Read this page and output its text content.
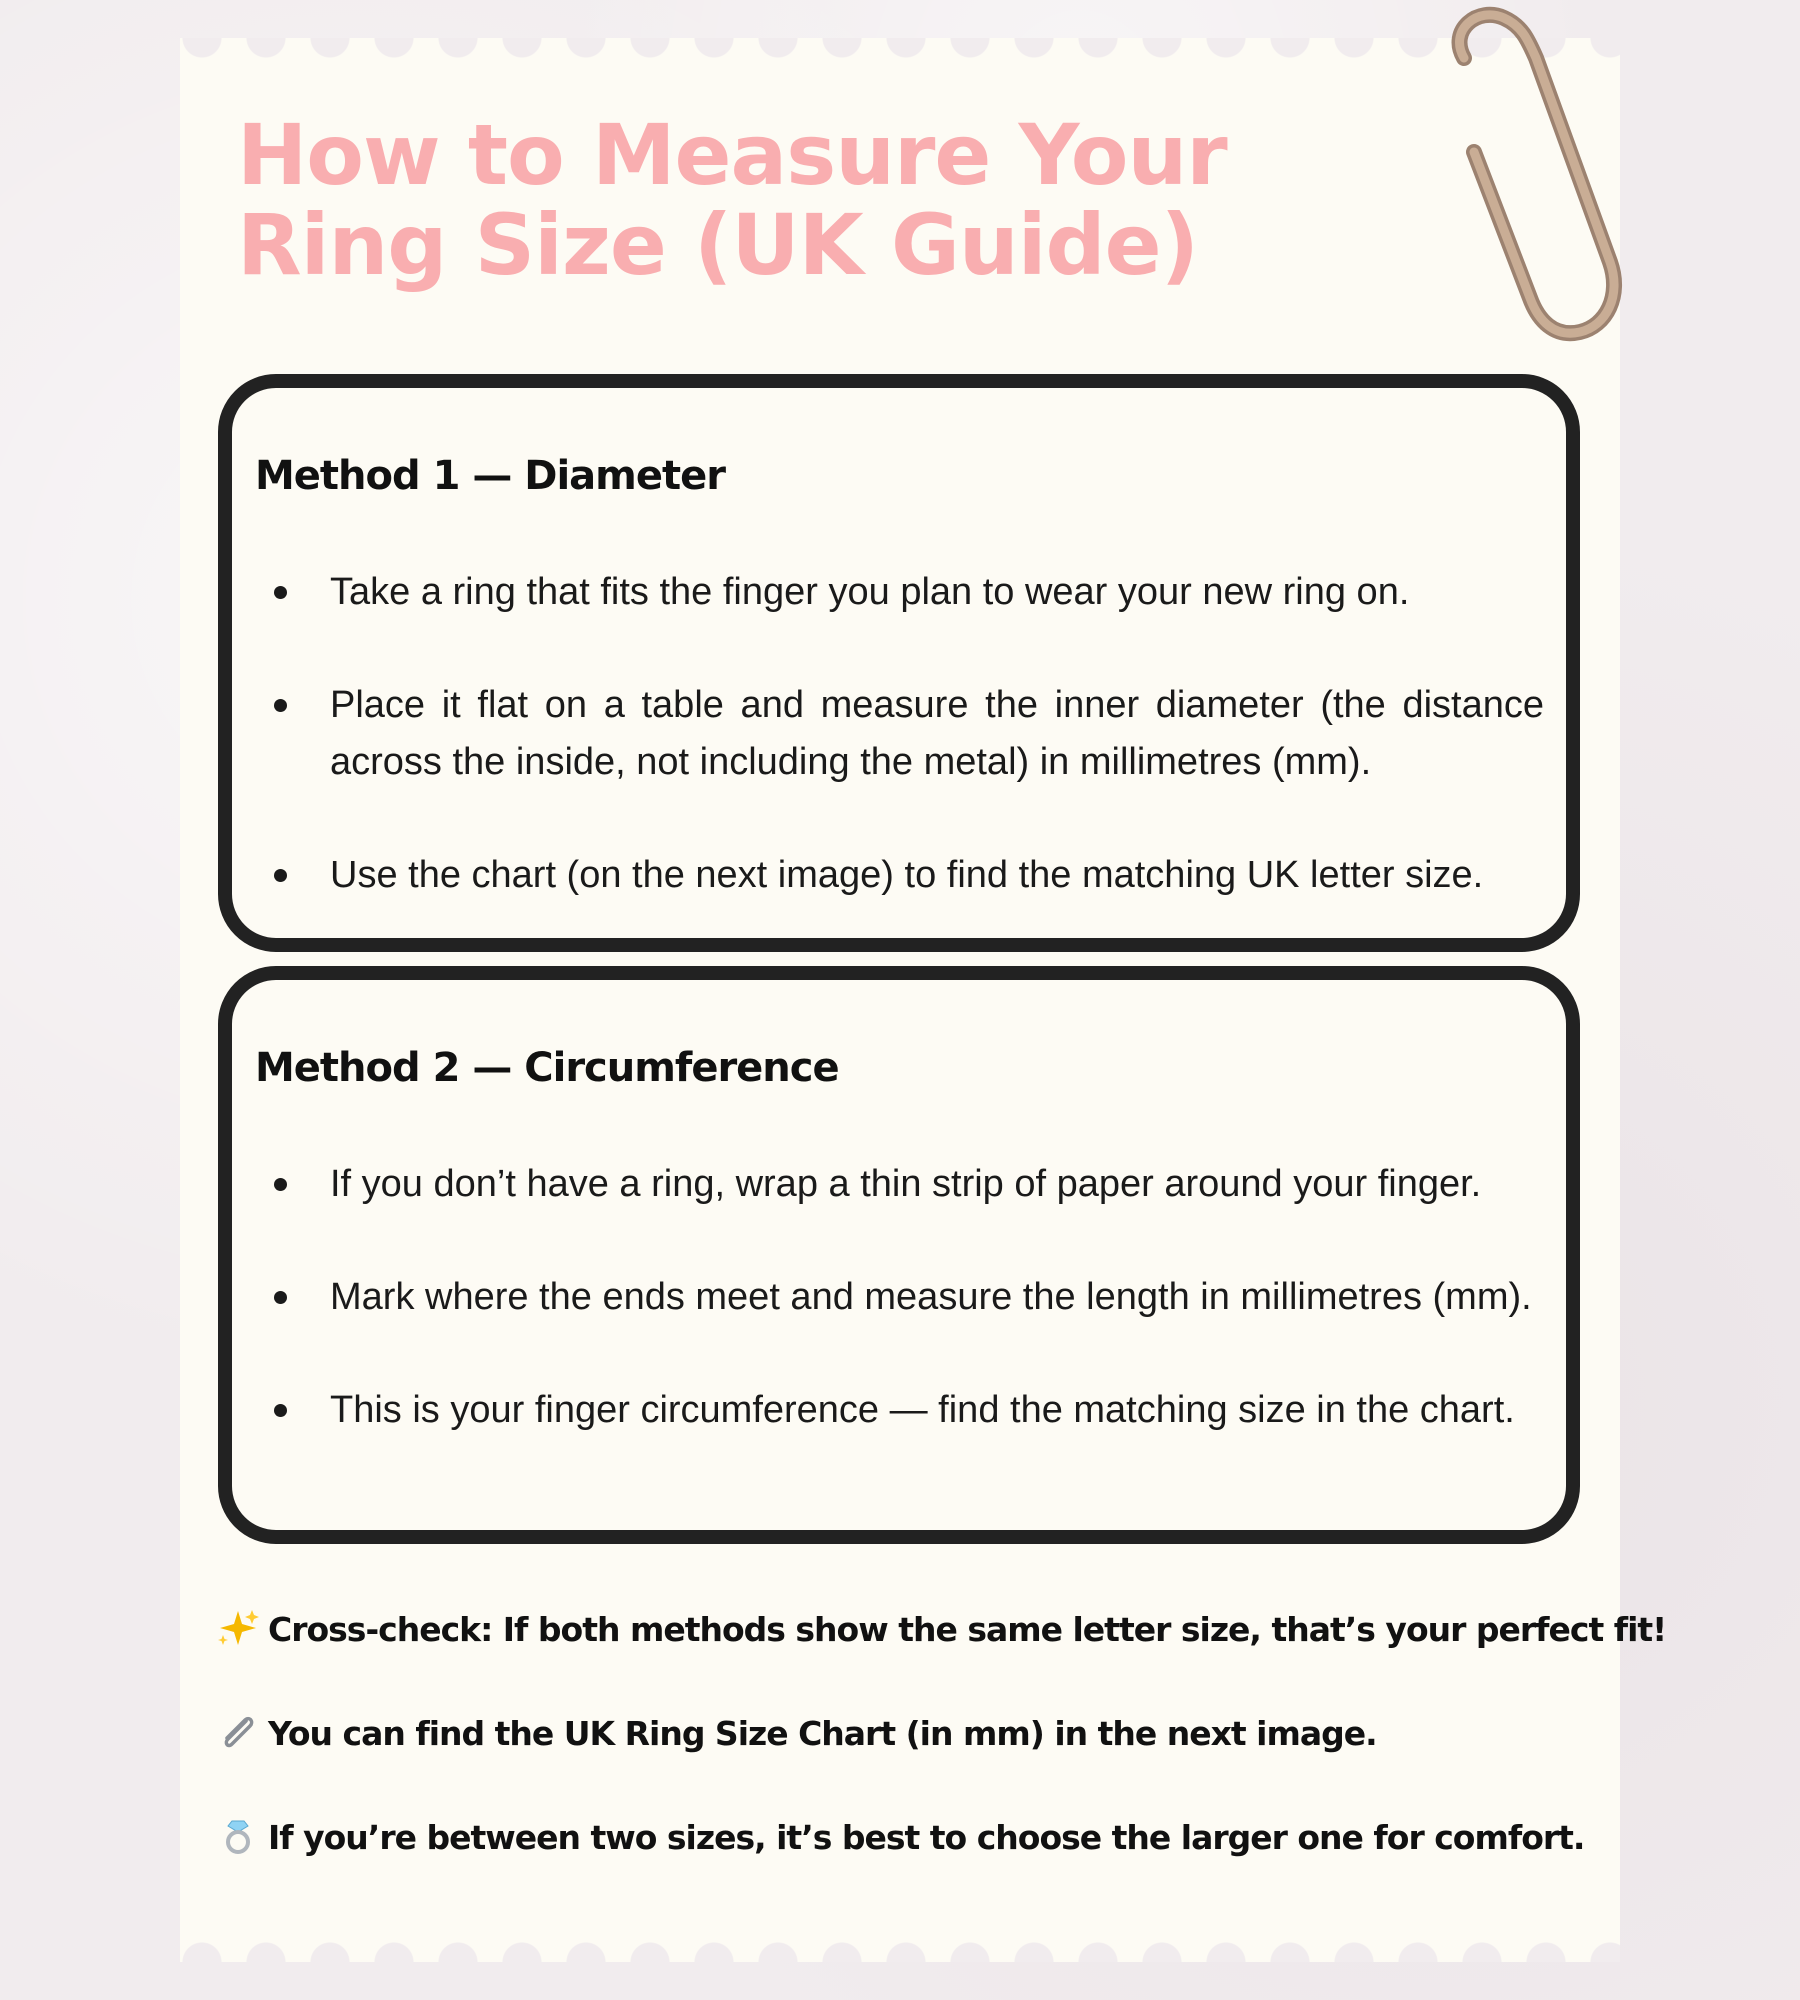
How to Measure Your Ring Size (UK Guide)
Method 1 — Diameter
Take a ring that fits the finger you plan to wear your new ring on.
Place it flat on a table and measure the inner diameter (the distance across the inside, not including the metal) in millimetres (mm).
Use the chart (on the next image) to find the matching UK letter size.
Method 2 — Circumference
If you don’t have a ring, wrap a thin strip of paper around your finger.
Mark where the ends meet and measure the length in millimetres (mm).
This is your finger circumference — find the matching size in the chart.

Cross-check: If both methods show the same letter size, that’s your perfect fit!

You can find the UK Ring Size Chart (in mm) in the next image.

If you’re between two sizes, it’s best to choose the larger one for comfort.
